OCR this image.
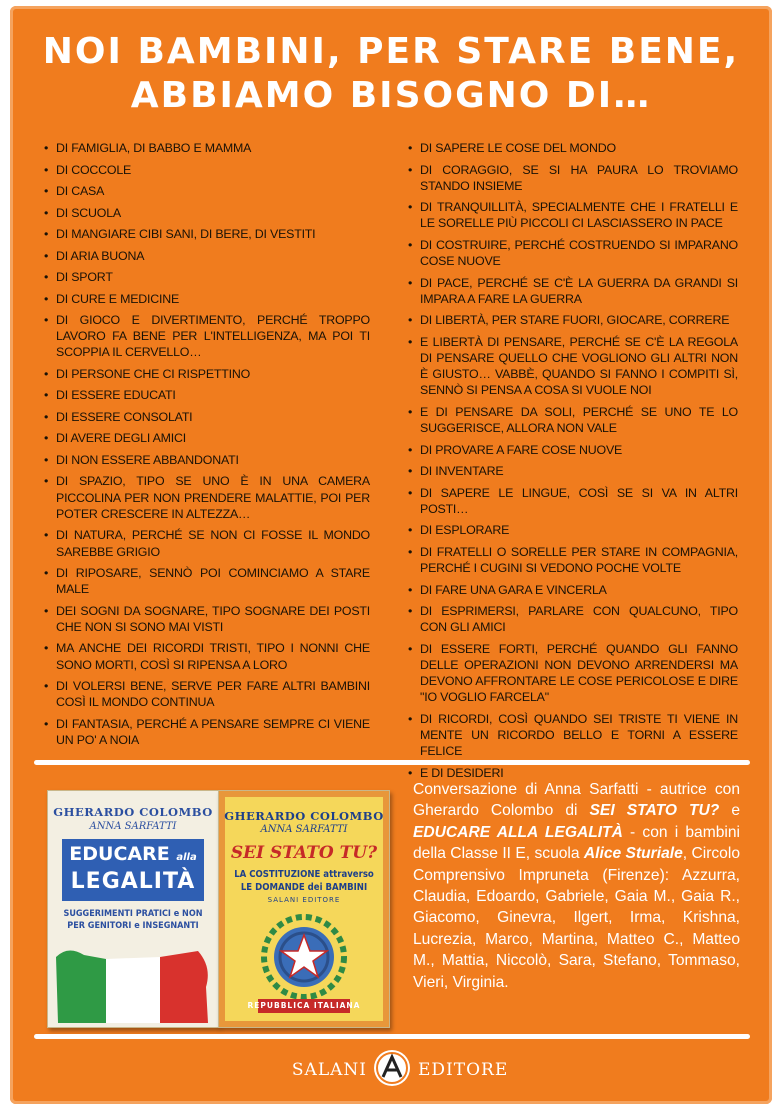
NOI BAMBINI, PER STARE BENE,
ABBIAMO BISOGNO DI…
• DI FAMIGLIA, DI BABBO E MAMMA
• DI COCCOLE
• DI CASA
• DI SCUOLA
• DI MANGIARE CIBI SANI, DI BERE, DI VESTITI
• DI ARIA BUONA
• DI SPORT
• DI CURE E MEDICINE
• DI GIOCO E DIVERTIMENTO, PERCHÉ TROPPO LAVORO FA BENE PER L'INTELLIGENZA, MA POI TI SCOPPIA IL CERVELLO…
• DI PERSONE CHE CI RISPETTINO
• DI ESSERE EDUCATI
• DI ESSERE CONSOLATI
• DI AVERE DEGLI AMICI
• DI NON ESSERE ABBANDONATI
• DI SPAZIO, TIPO SE UNO È IN UNA CAMERA PICCOLINA PER NON PRENDERE MALATTIE, POI PER POTER CRESCERE IN ALTEZZA…
• DI NATURA, PERCHÉ SE NON CI FOSSE IL MONDO SAREBBE GRIGIO
• DI RIPOSARE, SENNÒ POI COMINCIAMO A STARE MALE
• DEI SOGNI DA SOGNARE, TIPO SOGNARE DEI POSTI CHE NON SI SONO MAI VISTI
• MA ANCHE DEI RICORDI TRISTI, TIPO I NONNI CHE SONO MORTI, COSÌ SI RIPENSA A LORO
• DI VOLERSI BENE, SERVE PER FARE ALTRI BAMBINI COSÌ IL MONDO CONTINUA
• DI FANTASIA, PERCHÉ A PENSARE SEMPRE CI VIENE UN PO' A NOIA
• DI SAPERE LE COSE DEL MONDO
• DI CORAGGIO, SE SI HA PAURA LO TROVIAMO STANDO INSIEME
• DI TRANQUILLITÀ, SPECIALMENTE CHE I FRATELLI E LE SORELLE PIÙ PICCOLI CI LASCIASSERO IN PACE
• DI COSTRUIRE, PERCHÉ COSTRUENDO SI IMPARANO COSE NUOVE
• DI PACE, PERCHÉ SE C'È LA GUERRA DA GRANDI SI IMPARA A FARE LA GUERRA
• DI LIBERTÀ, PER STARE FUORI, GIOCARE, CORRERE
• E LIBERTÀ DI PENSARE, PERCHÉ SE C'È LA REGOLA DI PENSARE QUELLO CHE VOGLIONO GLI ALTRI NON È GIUSTO… VABBÈ, QUANDO SI FANNO I COMPITI SÌ, SENNÒ SI PENSA A COSA SI VUOLE NOI
• E DI PENSARE DA SOLI, PERCHÉ SE UNO TE LO SUGGERISCE, ALLORA NON VALE
• DI PROVARE A FARE COSE NUOVE
• DI INVENTARE
• DI SAPERE LE LINGUE, COSÌ SE SI VA IN ALTRI POSTI…
• DI ESPLORARE
• DI FRATELLI O SORELLE PER STARE IN COMPAGNIA, PERCHÉ I CUGINI SI VEDONO POCHE VOLTE
• DI FARE UNA GARA E VINCERLA
• DI ESPRIMERSI, PARLARE CON QUALCUNO, TIPO CON GLI AMICI
• DI ESSERE FORTI, PERCHÉ QUANDO GLI FANNO DELLE OPERAZIONI NON DEVONO ARRENDERSI MA DEVONO AFFRONTARE LE COSE PERICOLOSE E DIRE "IO VOGLIO FARCELA"
• DI RICORDI, COSÌ QUANDO SEI TRISTE TI VIENE IN MENTE UN RICORDO BELLO E TORNI A ESSERE FELICE
• E DI DESIDERI
GHERARDO COLOMBO
ANNA SARFATTI
EDUCARE alla
LEGALITÀ
SUGGERIMENTI PRATICI e NON
PER GENITORI e INSEGNANTI
GHERARDO COLOMBO
ANNA SARFATTI
SEI STATO TU?
LA COSTITUZIONE attraverso
LE DOMANDE dei BAMBINI
SALANI EDITORE
REPUBBLICA ITALIANA

Conversazione di Anna Sarfatti - autrice con Gherardo Colombo di SEI STATO TU? e EDUCARE ALLA LEGALITÀ - con i bambini della Classe II E, scuola Alice Sturiale, Circolo Comprensivo Impruneta (Firenze): Azzurra, Claudia, Edoardo, Gabriele, Gaia M., Gaia R., Giacomo, Ginevra, Ilgert, Irma, Krishna, Lucrezia, Marco, Martina, Matteo C., Matteo M., Mattia, Niccolò, Sara, Stefano, Tommaso, Vieri, Virginia.

SALANI	EDITORE
